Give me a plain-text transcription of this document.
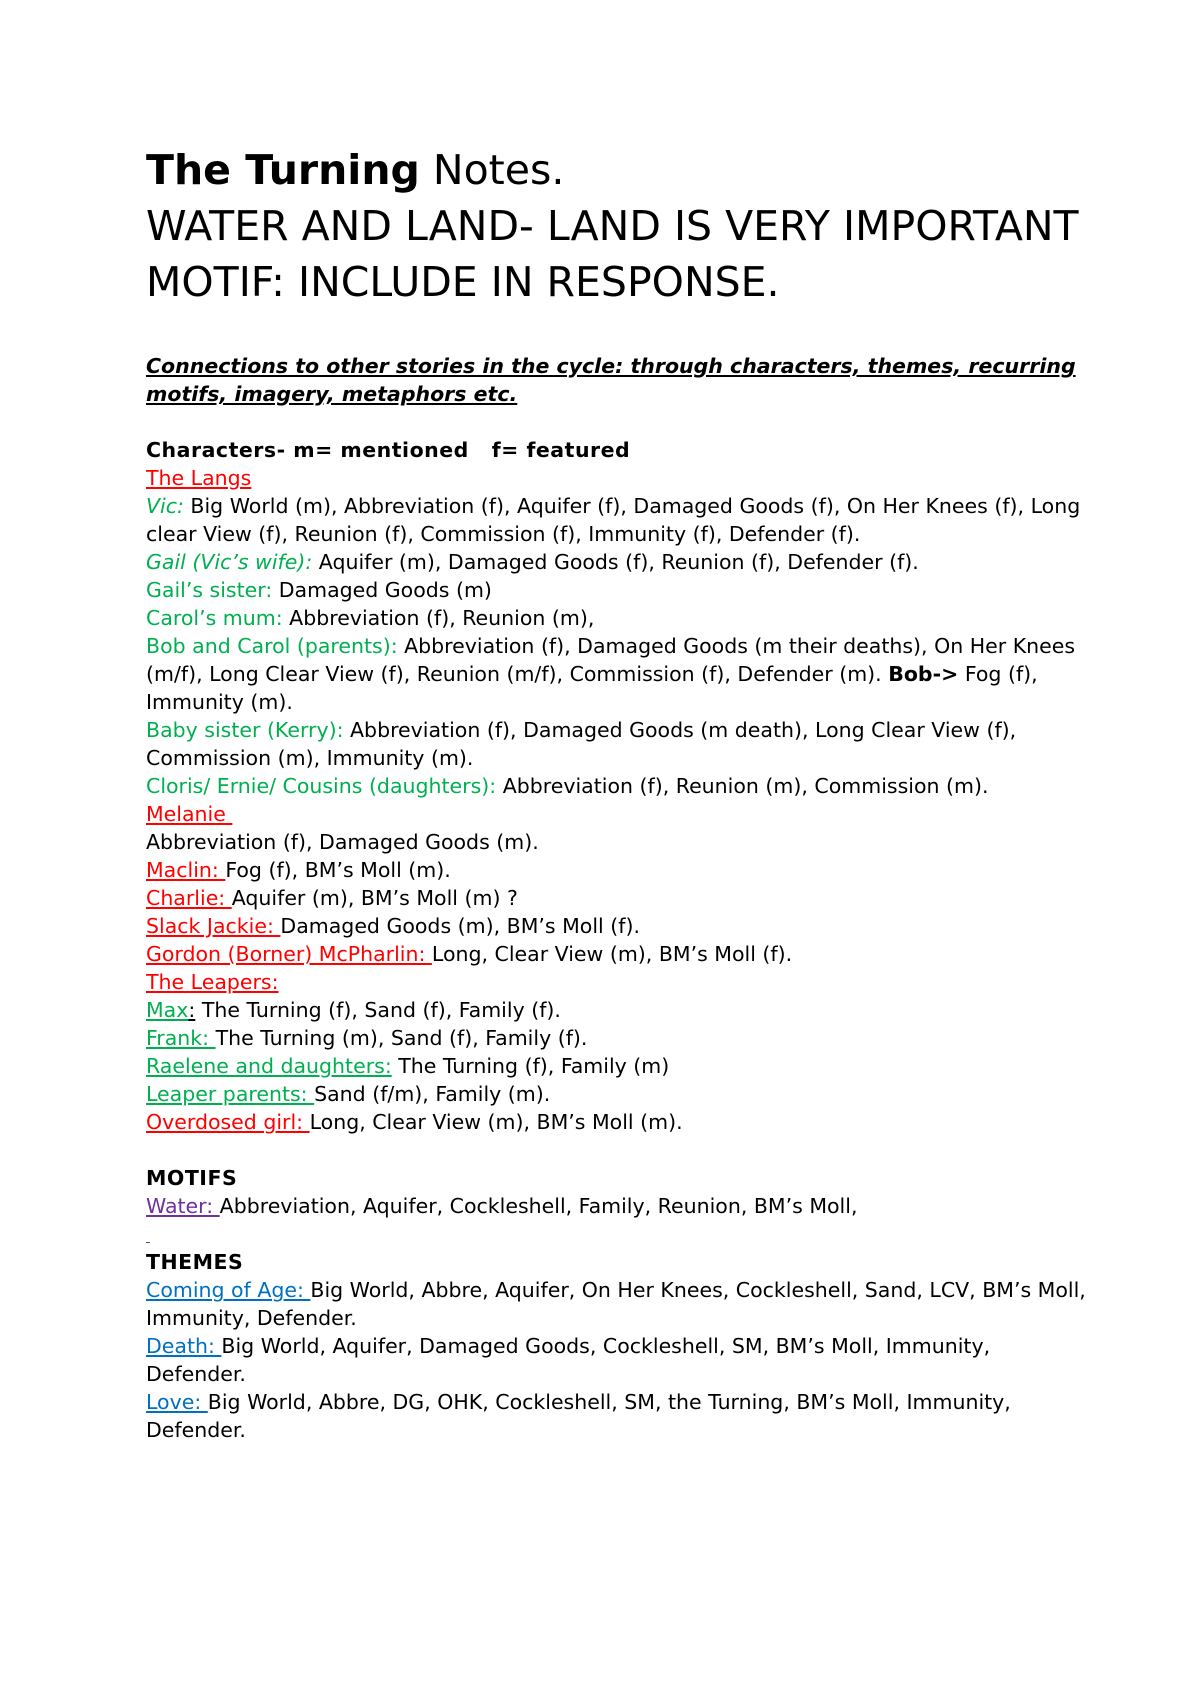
The Turning Notes.
WATER AND LAND- LAND IS VERY IMPORTANT MOTIF: INCLUDE IN RESPONSE.
Connections to other stories in the cycle: through characters, themes, recurring motifs, imagery, metaphors etc.

Characters- m= mentioned   f= featured

The Langs

Vic: Big World (m), Abbreviation (f), Aquifer (f), Damaged Goods (f), On Her Knees (f), Long clear View (f), Reunion (f), Commission (f), Immunity (f), Defender (f).

Gail (Vic’s wife): Aquifer (m), Damaged Goods (f), Reunion (f), Defender (f).

Gail’s sister: Damaged Goods (m)

Carol’s mum: Abbreviation (f), Reunion (m),

Bob and Carol (parents): Abbreviation (f), Damaged Goods (m their deaths), On Her Knees (m/f), Long Clear View (f), Reunion (m/f), Commission (f), Defender (m). Bob-> Fog (f), Immunity (m).

Baby sister (Kerry): Abbreviation (f), Damaged Goods (m death), Long Clear View (f), Commission (m), Immunity (m).

Cloris/ Ernie/ Cousins (daughters): Abbreviation (f), Reunion (m), Commission (m).

Melanie

Abbreviation (f), Damaged Goods (m).

Maclin: Fog (f), BM’s Moll (m).

Charlie: Aquifer (m), BM’s Moll (m) ?

Slack Jackie: Damaged Goods (m), BM’s Moll (f).

Gordon (Borner) McPharlin: Long, Clear View (m), BM’s Moll (f).

The Leapers:

Max: The Turning (f), Sand (f), Family (f).

Frank: The Turning (m), Sand (f), Family (f).

Raelene and daughters: The Turning (f), Family (m)

Leaper parents: Sand (f/m), Family (m).

Overdosed girl: Long, Clear View (m), BM’s Moll (m).

MOTIFS

Water: Abbreviation, Aquifer, Cockleshell, Family, Reunion, BM’s Moll,

THEMES

Coming of Age: Big World, Abbre, Aquifer, On Her Knees, Cockleshell, Sand, LCV, BM’s Moll, Immunity, Defender.

Death: Big World, Aquifer, Damaged Goods, Cockleshell, SM, BM’s Moll, Immunity, Defender.

Love: Big World, Abbre, DG, OHK, Cockleshell, SM, the Turning, BM’s Moll, Immunity, Defender.
